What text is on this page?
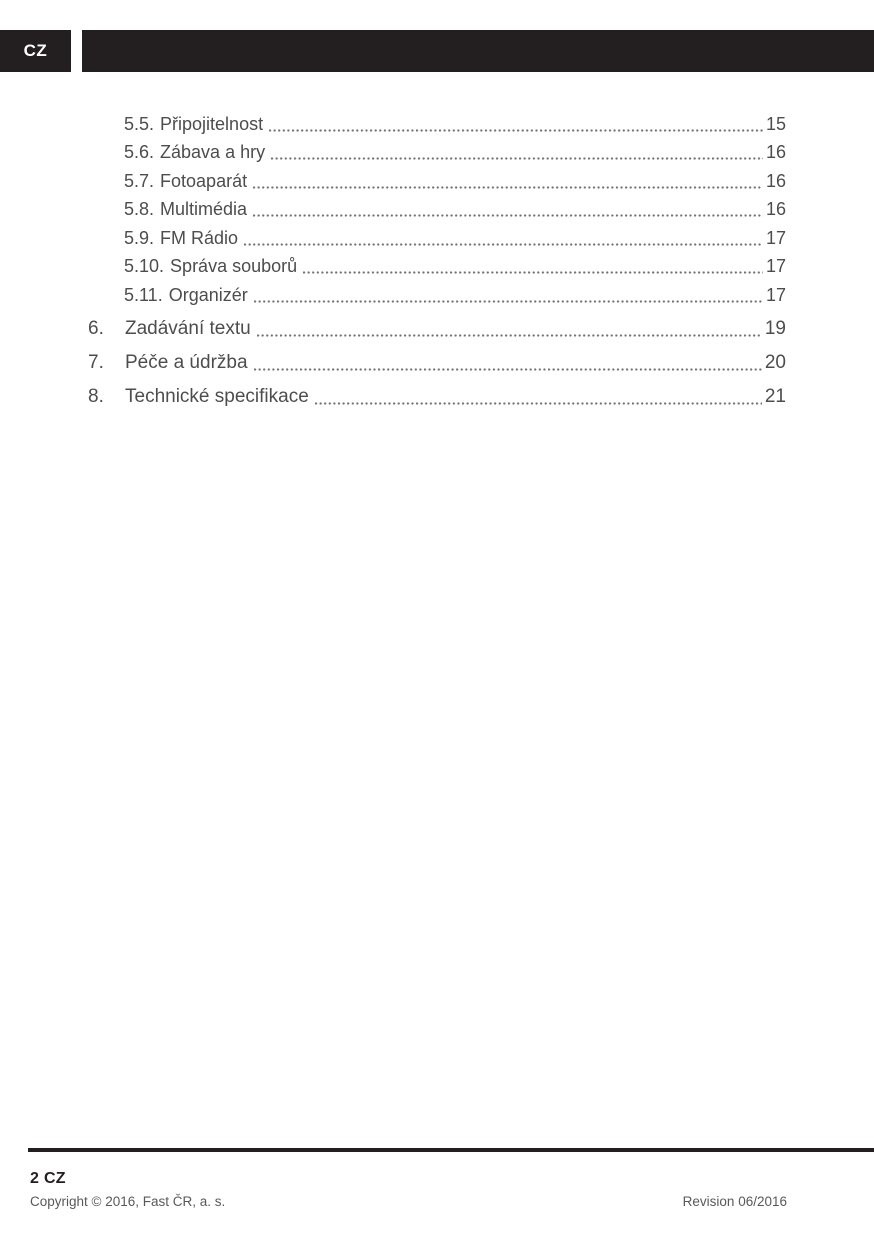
CZ
5.5. Připojitelnost	15
5.6. Zábava a hry	16
5.7. Fotoaparát	16
5.8. Multimédia	16
5.9. FM Rádio	17
5.10. Správa souborů	17
5.11. Organizér	17
6.	Zadávání textu	19
7.	Péče a údržba	20
8.	Technické specifikace	21
2 CZ
Copyright © 2016, Fast ČR, a. s.	Revision 06/2016
